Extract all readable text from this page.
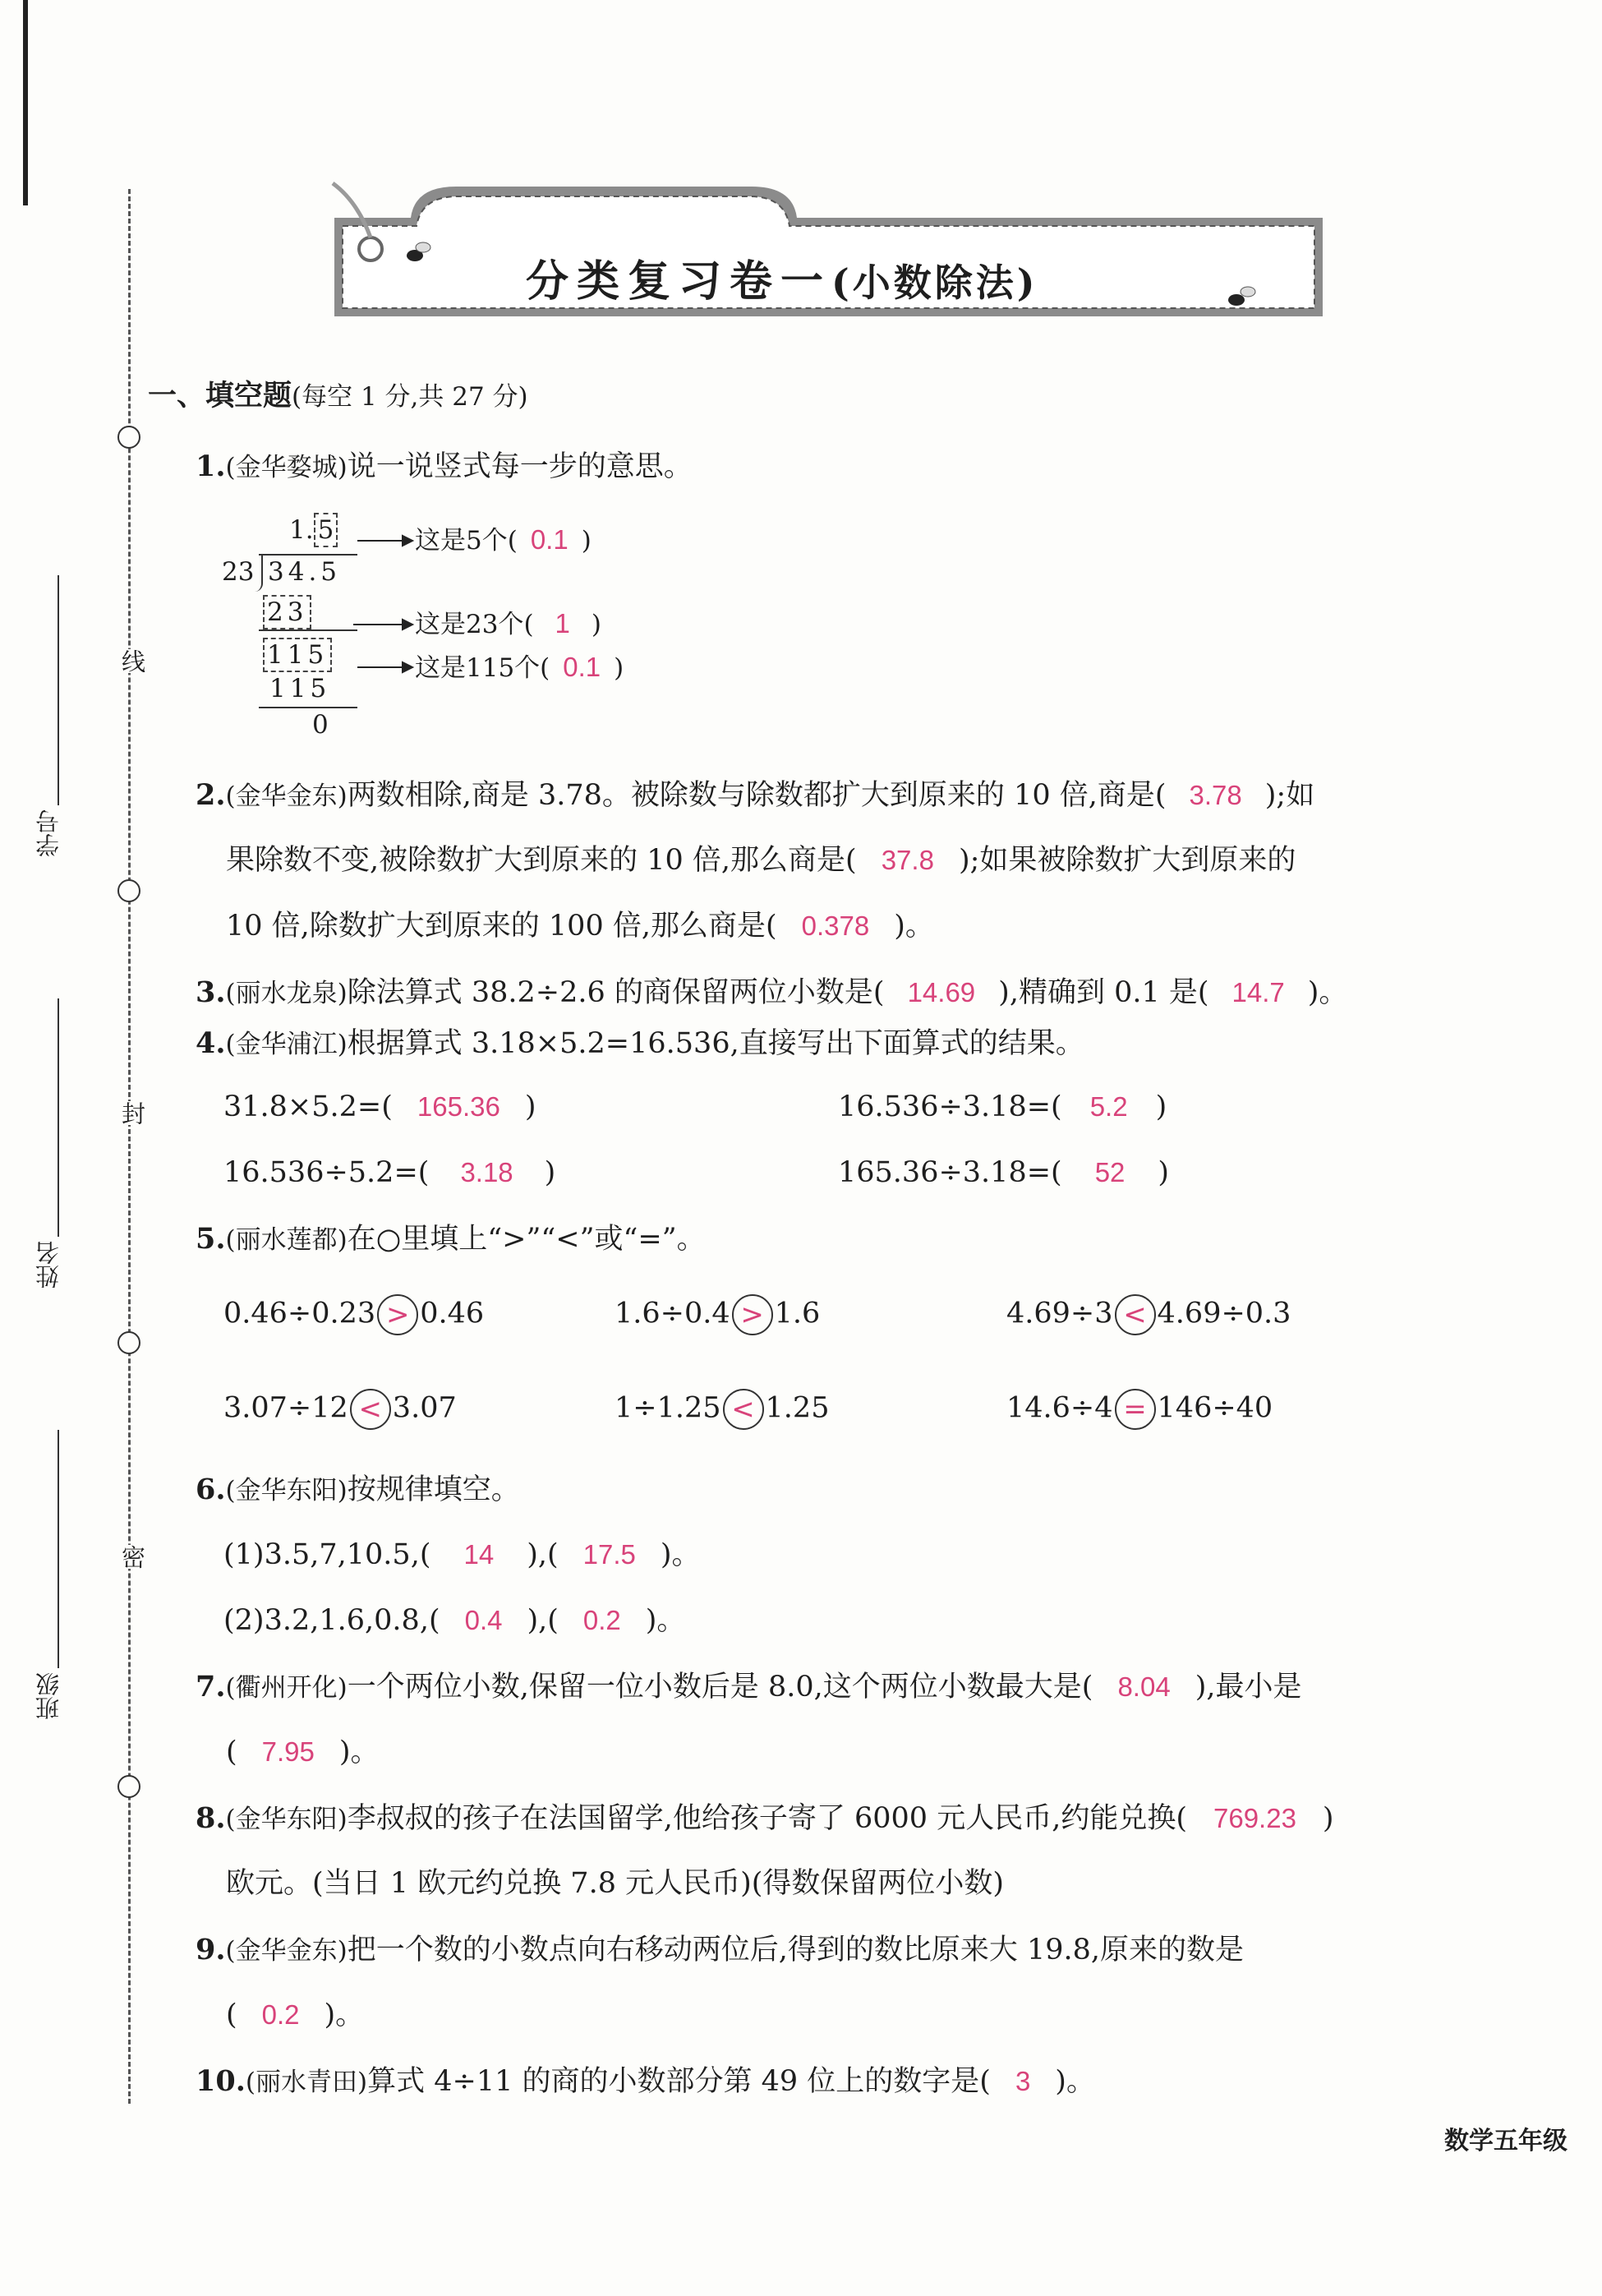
线
封
密
学号
姓名
班级
分类复习卷一(小数除法)
一、填空题(每空 1 分,共 27 分)
1.(金华婺城)说一说竖式每一步的意思。
1. 5
23 34.5
23
115
115
0
这是5个( 0.1 )
这是23个( 1 )
这是115个( 0.1 )
2.(金华金东)两数相除,商是 3.78。被除数与除数都扩大到原来的 10 倍,商是( 3.78 );如
果除数不变,被除数扩大到原来的 10 倍,那么商是( 37.8 );如果被除数扩大到原来的
10 倍,除数扩大到原来的 100 倍,那么商是( 0.378 )。
3.(丽水龙泉)除法算式 38.2÷2.6 的商保留两位小数是( 14.69 ),精确到 0.1 是( 14.7 )。
4.(金华浦江)根据算式 3.18×5.2=16.536,直接写出下面算式的结果。
31.8×5.2=( 165.36 )	16.536÷3.18=( 5.2 )
16.536÷5.2=( 3.18 )	165.36÷3.18=( 52 )
5.(丽水莲都)在○里填上“>”“<”或“=”。
0.46÷0.23 > 0.46	1.6÷0.4 > 1.6	4.69÷3 < 4.69÷0.3
3.07÷12 < 3.07	1÷1.25 < 1.25	14.6÷4 = 146÷40
6.(金华东阳)按规律填空。
(1)3.5,7,10.5,( 14 ),( 17.5 )。
(2)3.2,1.6,0.8,( 0.4 ),( 0.2 )。
7.(衢州开化)一个两位小数,保留一位小数后是 8.0,这个两位小数最大是( 8.04 ),最小是
( 7.95 )。
8.(金华东阳)李叔叔的孩子在法国留学,他给孩子寄了 6000 元人民币,约能兑换( 769.23 )
欧元。(当日 1 欧元约兑换 7.8 元人民币)(得数保留两位小数)
9.(金华金东)把一个数的小数点向右移动两位后,得到的数比原来大 19.8,原来的数是
( 0.2 )。
10.(丽水青田)算式 4÷11 的商的小数部分第 49 位上的数字是( 3 )。
数学五年级
